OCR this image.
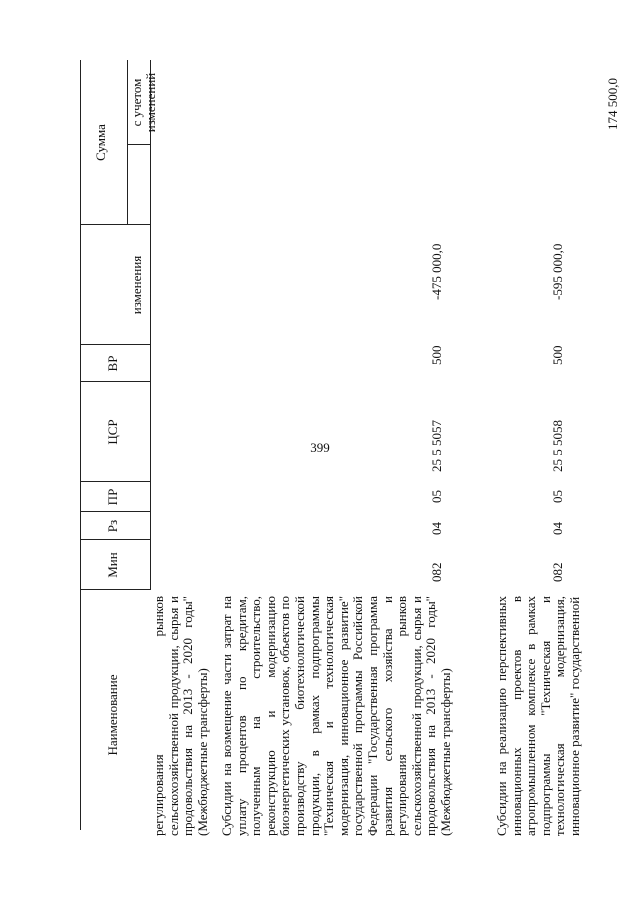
399
Наименование
Мин
Рз
ПР
ЦСР
ВР
Сумма
изменения
с учетом изменений
регулирования рынков сельскохозяйственной продукции, сырья и продовольствия на 2013 - 2020 годы" (Межбюджетные трансферты) Субсидии на возмещение части затрат на уплату процентов по кредитам, полученным на строительство, реконструкцию и модернизацию биоэнергетических установок, объектов по производству биотехнологической продукции, в рамках подпрограммы "Техническая и технологическая модернизация, инновационное развитие" государственной программы Российской Федерации "Государственная программа развития сельского хозяйства и регулирования рынков сельскохозяйственной продукции, сырья и продовольствия на 2013 - 2020 годы" (Межбюджетные трансферты)
082
04
05
25 5 5057
500
-475 000,0
Субсидии на реализацию перспективных инновационных проектов в агропромышленном комплексе в рамках подпрограммы "Техническая и технологическая модернизация, инновационное развитие" государственной
082
04
05
25 5 5058
500
-595 000,0
174 500,0
